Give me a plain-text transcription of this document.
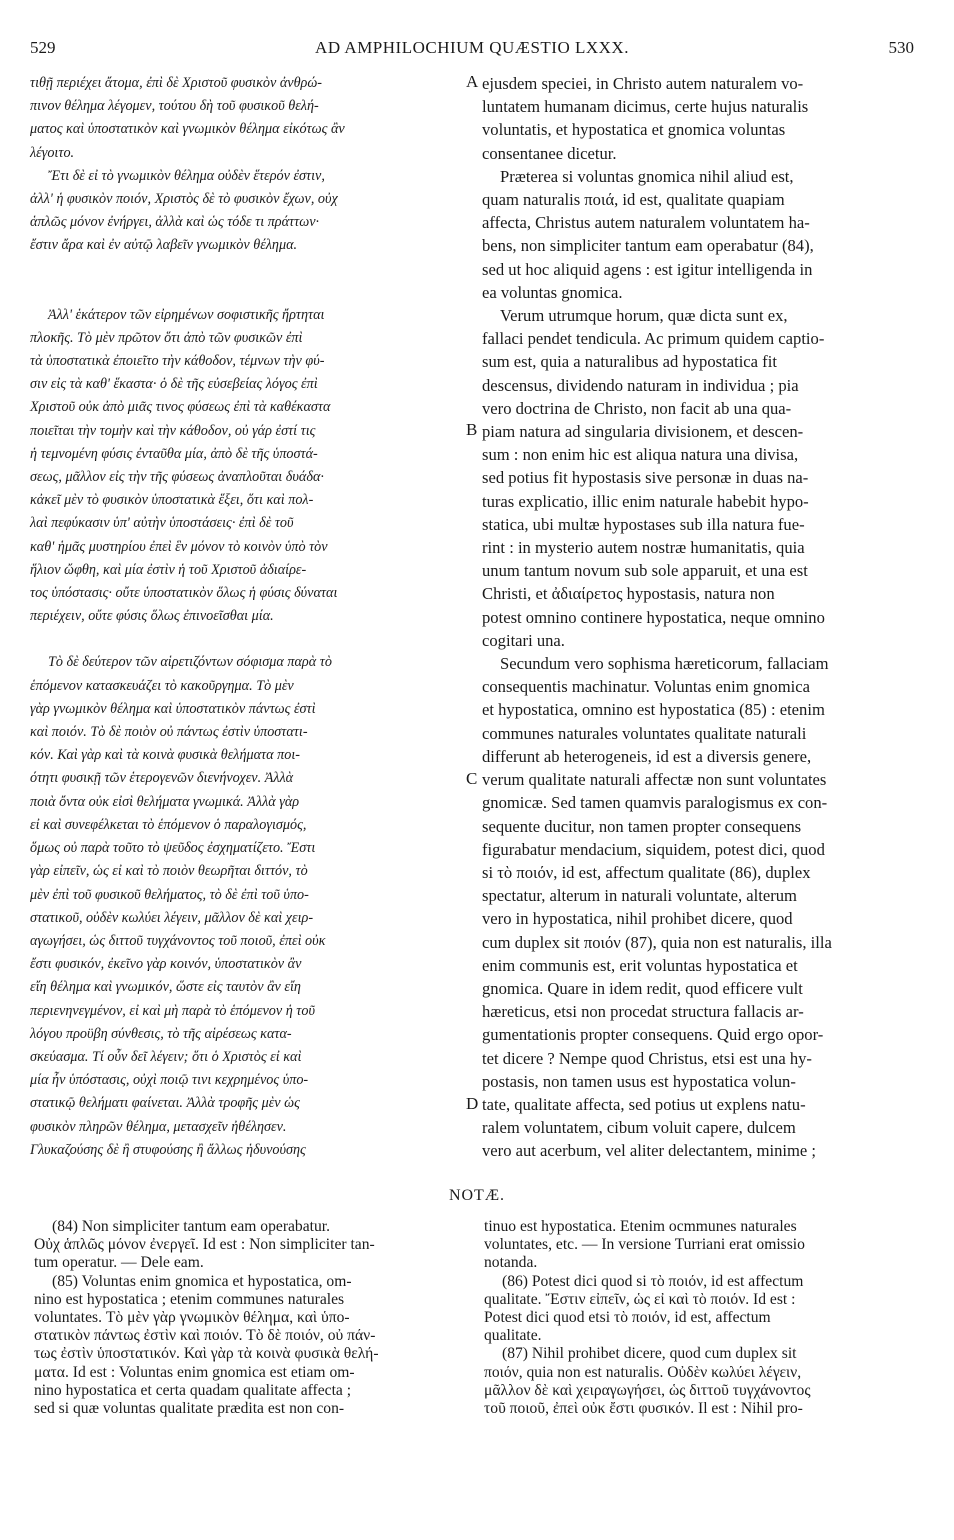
529	AD AMPHILOCHIUM QUÆSTIO LXXX.	530

τιθῇ περιέχει ἄτομα, ἐπὶ δὲ Χριστοῦ φυσικὸν ἀνθρώ-

πινον θέλημα λέγομεν, τούτου δὴ τοῦ φυσικοῦ θελή-

ματος καὶ ὑποστατικὸν καὶ γνωμικὸν θέλημα εἰκότως ἂν

λέγοιτο.

Ἔτι δὲ εἰ τὸ γνωμικὸν θέλημα οὐδὲν ἕτερόν ἐστιν,

ἀλλ' ἡ φυσικὸν ποιόν, Χριστὸς δὲ τὸ φυσικὸν ἔχων, οὐχ

ἁπλῶς μόνον ἐνήργει, ἀλλὰ καὶ ὡς τόδε τι πράττων·

ἔστιν ἄρα καὶ ἐν αὐτῷ λαβεῖν γνωμικὸν θέλημα.

Ἀλλ' ἑκάτερον τῶν εἰρημένων σοφιστικῆς ἤρτηται

πλοκῆς. Τὸ μὲν πρῶτον ὅτι ἀπὸ τῶν φυσικῶν ἐπὶ

τὰ ὑποστατικὰ ἐποιεῖτο τὴν κάθοδον, τέμνων τὴν φύ-

σιν εἰς τὰ καθ' ἕκαστα· ὁ δὲ τῆς εὐσεβείας λόγος ἐπὶ

Χριστοῦ οὐκ ἀπὸ μιᾶς τινος φύσεως ἐπὶ τὰ καθέκαστα

ποιεῖται τὴν τομὴν καὶ τὴν κάθοδον, οὐ γάρ ἐστί τις

ἡ τεμνομένη φύσις ἐνταῦθα μία, ἀπὸ δὲ τῆς ὑποστά-

σεως, μᾶλλον εἰς τὴν τῆς φύσεως ἀναπλοῦται δυάδα·

κἀκεῖ μὲν τὸ φυσικὸν ὑποστατικὰ ἕξει, ὅτι καὶ πολ-

λαὶ πεφύκασιν ὑπ' αὐτὴν ὑποστάσεις· ἐπὶ δὲ τοῦ

καθ' ἡμᾶς μυστηρίου ἐπεὶ ἓν μόνον τὸ κοινὸν ὑπὸ τὸν

ἥλιον ὤφθη, καὶ μία ἐστὶν ἡ τοῦ Χριστοῦ ἀδιαίρε-

τος ὑπόστασις· οὔτε ὑποστατικὸν ὅλως ἡ φύσις δύναται

περιέχειν, οὔτε φύσις ὅλως ἐπινοεῖσθαι μία.

Τὸ δὲ δεύτερον τῶν αἱρετιζόντων σόφισμα παρὰ τὸ

ἑπόμενον κατασκευάζει τὸ κακοῦργημα. Τὸ μὲν

γὰρ γνωμικὸν θέλημα καὶ ὑποστατικὸν πάντως ἐστὶ

καὶ ποιόν. Τὸ δὲ ποιὸν οὐ πάντως ἐστὶν ὑποστατι-

κόν. Καὶ γὰρ καὶ τὰ κοινὰ φυσικὰ θελήματα ποι-

ότητι φυσικῇ τῶν ἑτερογενῶν διενήνοχεν. Ἀλλὰ

ποιὰ ὄντα οὐκ εἰσὶ θελήματα γνωμικά. Ἀλλὰ γὰρ

εἰ καὶ συνεφέλκεται τὸ ἑπόμενον ὁ παραλογισμός,

ὅμως οὐ παρὰ τοῦτο τὸ ψεῦδος ἐσχηματίζετο. Ἔστι

γὰρ εἰπεῖν, ὡς εἰ καὶ τὸ ποιὸν θεωρῆται διττόν, τὸ

μὲν ἐπὶ τοῦ φυσικοῦ θελήματος, τὸ δὲ ἐπὶ τοῦ ὑπο-

στατικοῦ, οὐδὲν κωλύει λέγειν, μᾶλλον δὲ καὶ χειρ-

αγωγήσει, ὡς διττοῦ τυγχάνοντος τοῦ ποιοῦ, ἐπεὶ οὐκ

ἔστι φυσικόν, ἐκεῖνο γὰρ κοινόν, ὑποστατικὸν ἂν

εἴη θέλημα καὶ γνωμικόν, ὥστε εἰς ταυτὸν ἂν εἴη

περιενηνεγμένον, εἰ καὶ μὴ παρὰ τὸ ἑπόμενον ἡ τοῦ

λόγου προϋβη σύνθεσις, τὸ τῆς αἱρέσεως κατα-

σκεύασμα. Τί οὖν δεῖ λέγειν; ὅτι ὁ Χριστὸς εἰ καὶ

μία ἦν ὑπόστασις, οὐχὶ ποιῷ τινι κεχρημένος ὑπο-

στατικῷ θελήματι φαίνεται. Ἀλλὰ τροφῆς μὲν ὡς

φυσικὸν πληρῶν θέλημα, μετασχεῖν ἠθέλησεν.

Γλυκαζούσης δὲ ἢ στυφούσης ἢ ἄλλως ἡδυνούσης

ejusdem speciei, in Christo autem naturalem vo-

luntatem humanam dicimus, certe hujus naturalis

voluntatis, et hypostatica et gnomica voluntas

consentanee dicetur.

Præterea si voluntas gnomica nihil aliud est,

quam naturalis ποιά, id est, qualitate quapiam

affecta, Christus autem naturalem voluntatem ha-

bens, non simpliciter tantum eam operabatur (84),

sed ut hoc aliquid agens : est igitur intelligenda in

ea voluntas gnomica.

Verum utrumque horum, quæ dicta sunt ex,

fallaci pendet tendicula. Ac primum quidem captio-

sum est, quia a naturalibus ad hypostatica fit

descensus, dividendo naturam in individua ; pia

vero doctrina de Christo, non facit ab una qua-

piam natura ad singularia divisionem, et descen-

sum : non enim hic est aliqua natura una divisa,

sed potius fit hypostasis sive personæ in duas na-

turas explicatio, illic enim naturale habebit hypo-

statica, ubi multæ hypostases sub illa natura fue-

rint : in mysterio autem nostræ humanitatis, quia

unum tantum novum sub sole apparuit, et una est

Christi, et ἀδιαίρετος hypostasis, natura non

potest omnino continere hypostatica, neque omnino

cogitari una.

Secundum vero sophisma hæreticorum, fallaciam

consequentis machinatur. Voluntas enim gnomica

et hypostatica, omnino est hypostatica (85) : etenim

communes naturales voluntates qualitate naturali

differunt ab heterogeneis, id est a diversis genere,

verum qualitate naturali affectæ non sunt voluntates

gnomicæ. Sed tamen quamvis paralogismus ex con-

sequente ducitur, non tamen propter consequens

figurabatur mendacium, siquidem, potest dici, quod

si τὸ ποιόν, id est, affectum qualitate (86), duplex

spectatur, alterum in naturali voluntate, alterum

vero in hypostatica, nihil prohibet dicere, quod

cum duplex sit ποιόν (87), quia non est naturalis, illa

enim communis est, erit voluntas hypostatica et

gnomica. Quare in idem redit, quod efficere vult

hæreticus, etsi non procedat structura fallacis ar-

gumentationis propter consequens. Quid ergo opor-

tet dicere ? Nempe quod Christus, etsi est una hy-

postasis, non tamen usus est hypostatica volun-

tate, qualitate affecta, sed potius ut explens natu-

ralem voluntatem, cibum voluit capere, dulcem

vero aut acerbum, vel aliter delectantem, minime ;

A
B
C
D
NOTÆ.

(84) Non simpliciter tantum eam operabatur.

Οὐχ ἁπλῶς μόνον ἐνεργεῖ. Id est : Non simpliciter tan-

tum operatur. — Dele eam.

(85) Voluntas enim gnomica et hypostatica, om-

nino est hypostatica ; etenim communes naturales

voluntates. Τὸ μὲν γὰρ γνωμικὸν θέλημα, καὶ ὑπο-

στατικὸν πάντως ἐστὶν καὶ ποιόν. Τὸ δὲ ποιόν, οὐ πάν-

τως ἐστὶν ὑποστατικόν. Καὶ γὰρ τὰ κοινὰ φυσικὰ θελή-

ματα. Id est : Voluntas enim gnomica est etiam om-

nino hypostatica et certa quadam qualitate affecta ;

sed si quæ voluntas qualitate prædita est non con-

tinuo est hypostatica. Etenim ocmmunes naturales

voluntates, etc. — In versione Turriani erat omissio

notanda.

(86) Potest dici quod si τὸ ποιόν, id est affectum

qualitate. Ἔστιν εἰπεῖν, ὡς εἰ καὶ τὸ ποιόν. Id est :

Potest dici quod etsi τὸ ποιόν, id est, affectum

qualitate.

(87) Nihil prohibet dicere, quod cum duplex sit

ποιόν, quia non est naturalis. Οὐδὲν κωλύει λέγειν,

μᾶλλον δὲ καὶ χειραγωγήσει, ὡς διττοῦ τυγχάνοντος

τοῦ ποιοῦ, ἐπεὶ οὐκ ἔστι φυσικόν. Il est : Nihil pro-
